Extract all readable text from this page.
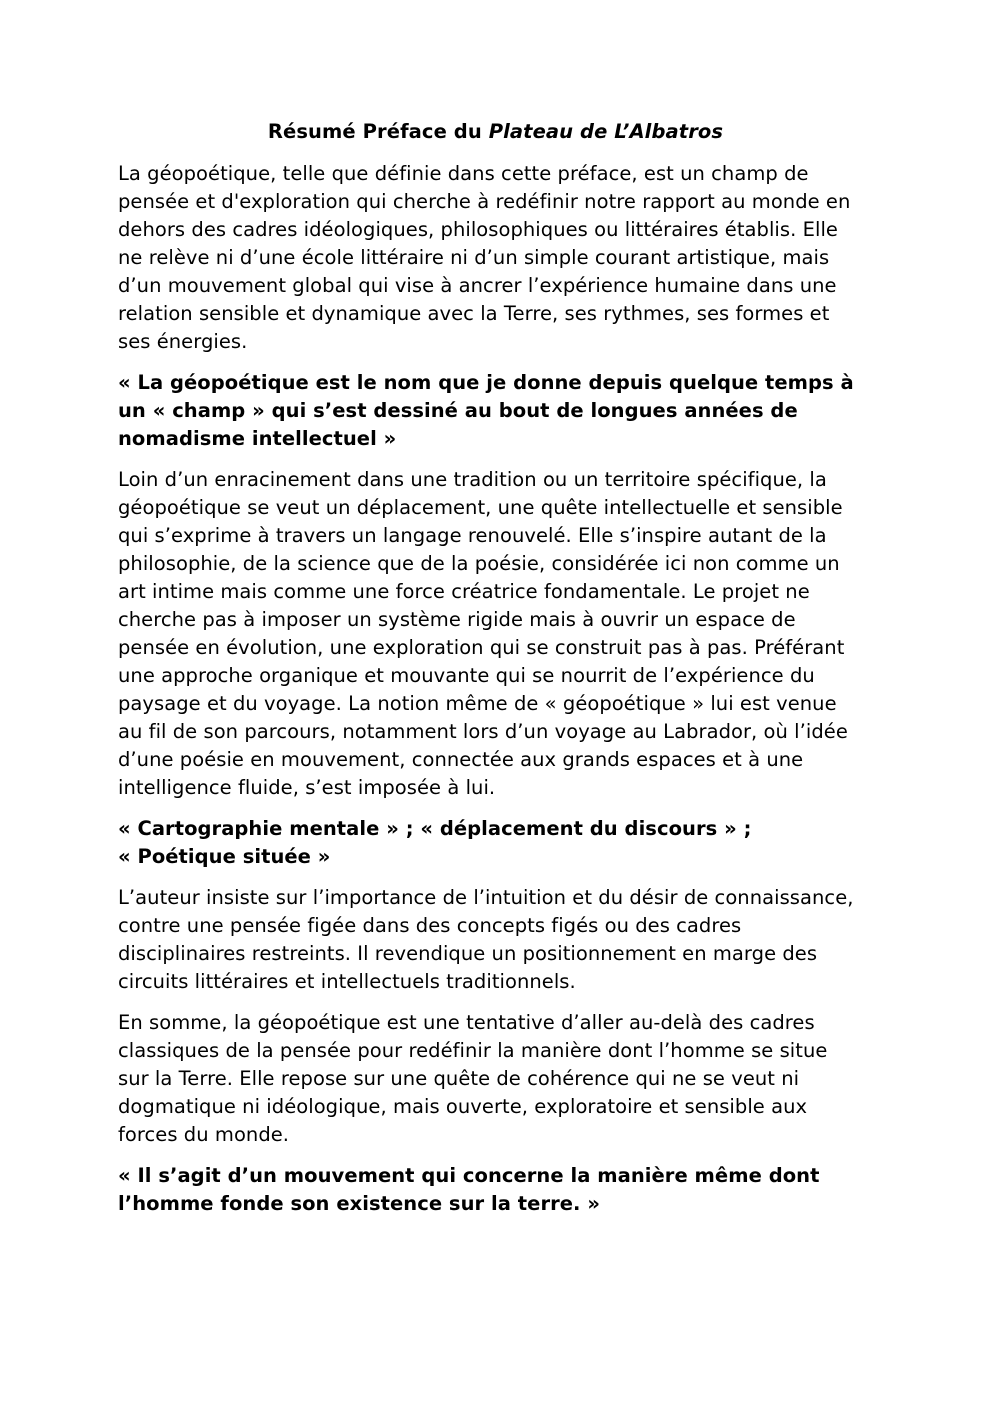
Résumé Préface du Plateau de L’Albatros

La géopoétique, telle que définie dans cette préface, est un champ de
pensée et d'exploration qui cherche à redéfinir notre rapport au monde en
dehors des cadres idéologiques, philosophiques ou littéraires établis. Elle
ne relève ni d’une école littéraire ni d’un simple courant artistique, mais
d’un mouvement global qui vise à ancrer l’expérience humaine dans une
relation sensible et dynamique avec la Terre, ses rythmes, ses formes et
ses énergies.

« La géopoétique est le nom que je donne depuis quelque temps à
un « champ » qui s’est dessiné au bout de longues années de
nomadisme intellectuel »

Loin d’un enracinement dans une tradition ou un territoire spécifique, la
géopoétique se veut un déplacement, une quête intellectuelle et sensible
qui s’exprime à travers un langage renouvelé. Elle s’inspire autant de la
philosophie, de la science que de la poésie, considérée ici non comme un
art intime mais comme une force créatrice fondamentale. Le projet ne
cherche pas à imposer un système rigide mais à ouvrir un espace de
pensée en évolution, une exploration qui se construit pas à pas. Préférant
une approche organique et mouvante qui se nourrit de l’expérience du
paysage et du voyage. La notion même de « géopoétique » lui est venue
au fil de son parcours, notamment lors d’un voyage au Labrador, où l’idée
d’une poésie en mouvement, connectée aux grands espaces et à une
intelligence fluide, s’est imposée à lui.

« Cartographie mentale » ; « déplacement du discours » ;
« Poétique située »

L’auteur insiste sur l’importance de l’intuition et du désir de connaissance,
contre une pensée figée dans des concepts figés ou des cadres
disciplinaires restreints. Il revendique un positionnement en marge des
circuits littéraires et intellectuels traditionnels.

En somme, la géopoétique est une tentative d’aller au-delà des cadres
classiques de la pensée pour redéfinir la manière dont l’homme se situe
sur la Terre. Elle repose sur une quête de cohérence qui ne se veut ni
dogmatique ni idéologique, mais ouverte, exploratoire et sensible aux
forces du monde.

« Il s’agit d’un mouvement qui concerne la manière même dont
l’homme fonde son existence sur la terre. »
